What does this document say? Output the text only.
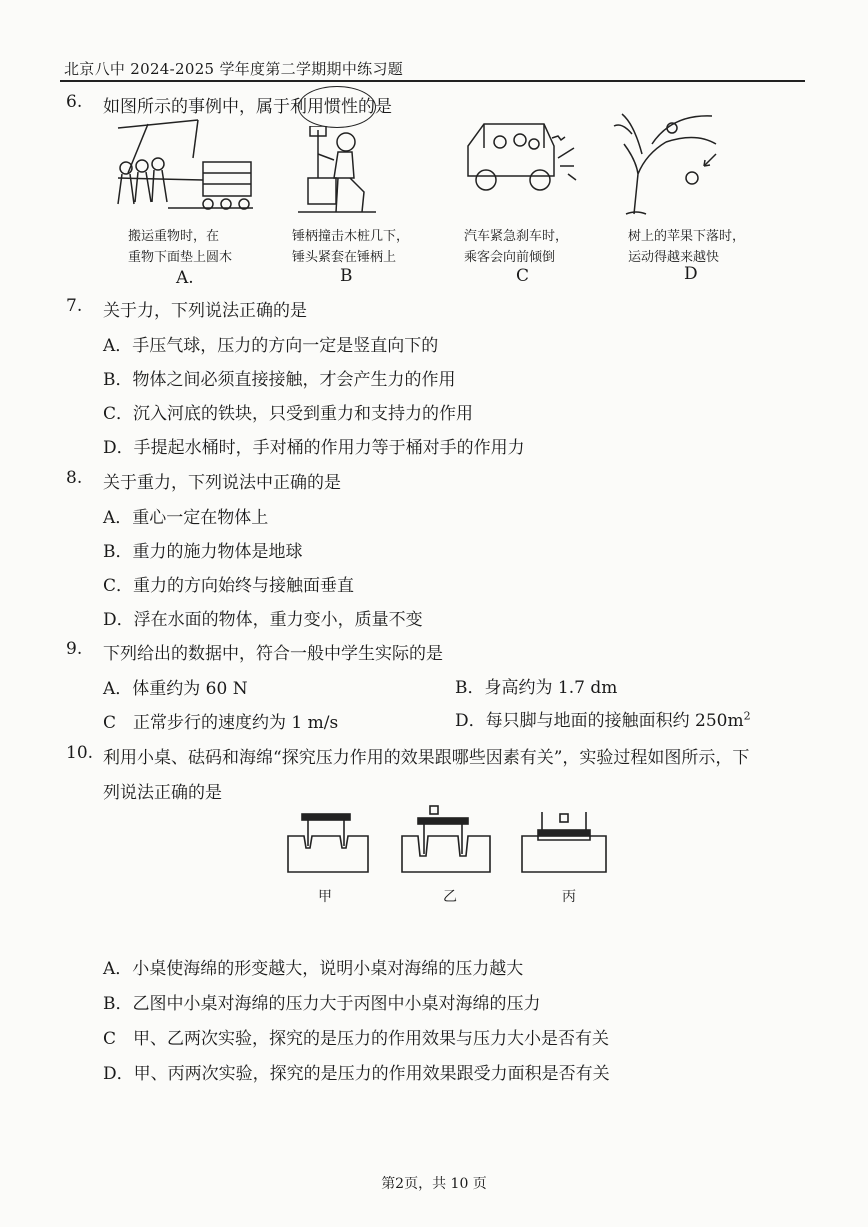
北京八中 2024-2025 学年度第二学期期中练习题
6. 如图所示的事例中，属于利用惯性的是
搬运重物时，在
重物下面垫上圆木
锤柄撞击木桩几下，
锤头紧套在锤柄上
汽车紧急刹车时，
乘客会向前倾倒
树上的苹果下落时，
运动得越来越快
A.	B	C	D
7. 关于力，下列说法正确的是
A．手压气球，压力的方向一定是竖直向下的
B．物体之间必须直接接触，才会产生力的作用
C．沉入河底的铁块，只受到重力和支持力的作用
D．手提起水桶时，手对桶的作用力等于桶对手的作用力
8. 关于重力，下列说法中正确的是
A．重心一定在物体上
B．重力的施力物体是地球
C．重力的方向始终与接触面垂直
D．浮在水面的物体，重力变小，质量不变
9. 下列给出的数据中，符合一般中学生实际的是
A．体重约为 60 N	B．身高约为 1.7 dm
C　正常步行的速度约为 1 m/s	D．每只脚与地面的接触面积约 $250m^2$
10. 利用小桌、砝码和海绵“探究压力作用的效果跟哪些因素有关”，实验过程如图所示，下
列说法正确的是
甲	乙	丙
A．小桌使海绵的形变越大，说明小桌对海绵的压力越大
B．乙图中小桌对海绵的压力大于丙图中小桌对海绵的压力
C　甲、乙两次实验，探究的是压力的作用效果与压力大小是否有关
D．甲、丙两次实验，探究的是压力的作用效果跟受力面积是否有关
第2页，共 10 页
